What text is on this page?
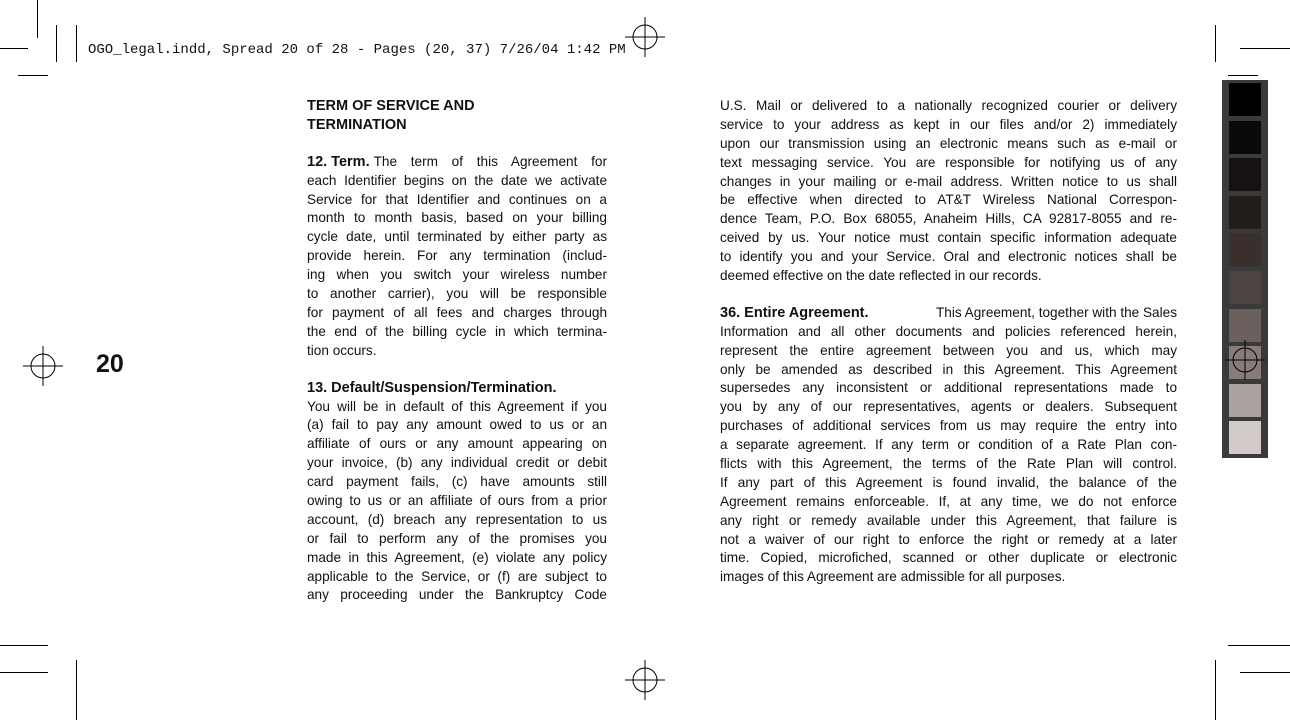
OGO_legal.indd, Spread 20 of 28 - Pages (20, 37) 7/26/04 1:42 PM
20
TERM OF SERVICE AND
TERMINATION
12. Term. The term of this Agreement for
each Identifier begins on the date we activate
Service for that Identifier and continues on a
month to month basis, based on your billing
cycle date, until terminated by either party as
provide herein. For any termination (includ-
ing when you switch your wireless number
to another carrier), you will be responsible
for payment of all fees and charges through
the end of the billing cycle in which termina-
tion occurs.
13. Default/Suspension/Termination.
You will be in default of this Agreement if you
(a) fail to pay any amount owed to us or an
affiliate of ours or any amount appearing on
your invoice, (b) any individual credit or debit
card payment fails, (c) have amounts still
owing to us or an affiliate of ours from a prior
account, (d) breach any representation to us
or fail to perform any of the promises you
made in this Agreement, (e) violate any policy
applicable to the Service, or (f) are subject to
any proceeding under the Bankruptcy Code
U.S. Mail or delivered to a nationally recognized courier or delivery
service to your address as kept in our files and/or 2) immediately
upon our transmission using an electronic means such as e-mail or
text messaging service. You are responsible for notifying us of any
changes in your mailing or e-mail address. Written notice to us shall
be effective when directed to AT&T Wireless National Correspon-
dence Team, P.O. Box 68055, Anaheim Hills, CA 92817-8055 and re-
ceived by us. Your notice must contain specific information adequate
to identify you and your Service. Oral and electronic notices shall be
deemed effective on the date reflected in our records.
36. Entire Agreement.	This Agreement, together with the Sales
Information and all other documents and policies referenced herein,
represent the entire agreement between you and us, which may
only be amended as described in this Agreement. This Agreement
supersedes any inconsistent or additional representations made to
you by any of our representatives, agents or dealers. Subsequent
purchases of additional services from us may require the entry into
a separate agreement. If any term or condition of a Rate Plan con-
flicts with this Agreement, the terms of the Rate Plan will control.
If any part of this Agreement is found invalid, the balance of the
Agreement remains enforceable. If, at any time, we do not enforce
any right or remedy available under this Agreement, that failure is
not a waiver of our right to enforce the right or remedy at a later
time. Copied, microfiched, scanned or other duplicate or electronic
images of this Agreement are admissible for all purposes.
